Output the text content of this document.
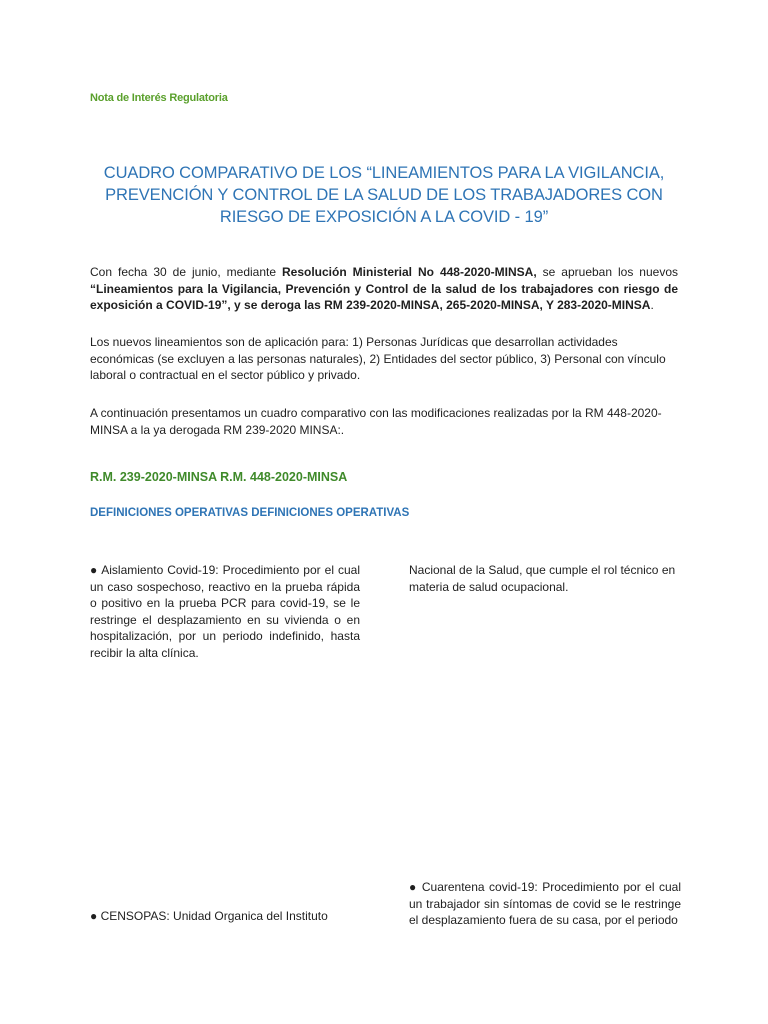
Nota de Interés Regulatoria
CUADRO COMPARATIVO DE LOS “LINEAMIENTOS PARA LA VIGILANCIA, PREVENCIÓN Y CONTROL DE LA SALUD DE LOS TRABAJADORES CON RIESGO DE EXPOSICIÓN A LA COVID - 19”

Con fecha 30 de junio, mediante Resolución Ministerial No 448-2020-MINSA, se aprueban los nuevos “Lineamientos para la Vigilancia, Prevención y Control de la salud de los trabajadores con riesgo de exposición a COVID-19”, y se deroga las RM 239-2020-MINSA, 265-2020-MINSA, Y 283-2020-MINSA.

Los nuevos lineamientos son de aplicación para: 1) Personas Jurídicas que desarrollan actividades económicas (se excluyen a las personas naturales), 2) Entidades del sector público, 3) Personal con vínculo laboral o contractual en el sector público y privado.

A continuación presentamos un cuadro comparativo con las modificaciones realizadas por la RM 448-2020-MINSA a la ya derogada RM 239-2020 MINSA:.

R.M. 239-2020-MINSA R.M. 448-2020-MINSA
DEFINICIONES OPERATIVAS DEFINICIONES OPERATIVAS

● Aislamiento Covid-19: Procedimiento por el cual un caso sospechoso, reactivo en la prueba rápida o positivo en la prueba PCR para covid-19, se le restringe el desplazamiento en su vivienda o en hospitalización, por un periodo indefinido, hasta recibir la alta clínica.

Nacional de la Salud, que cumple el rol técnico en materia de salud ocupacional.

● CENSOPAS: Unidad Organica del Instituto

● Cuarentena covid-19: Procedimiento por el cual un trabajador sin síntomas de covid se le restringe el desplazamiento fuera de su casa, por el periodo
